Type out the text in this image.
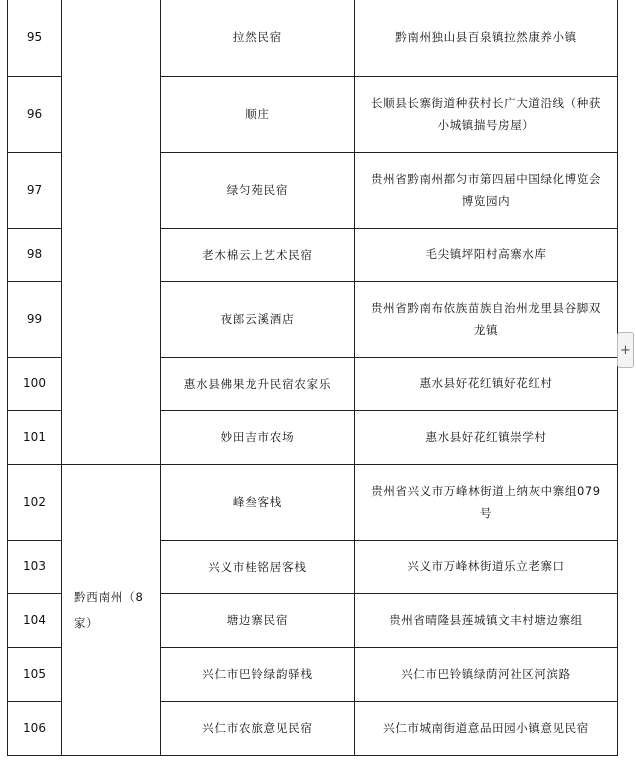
95		拉然民宿	黔南州独山县百泉镇拉然康养小镇
96		顺庄	长顺县长寨街道种获村长广大道沿线（种获小城镇揣号房屋）
97		绿匀苑民宿	贵州省黔南州都匀市第四届中国绿化博览会博览园内
98		老木棉云上艺术民宿	毛尖镇坪阳村高寨水库
99		夜郎云溪酒店	贵州省黔南布依族苗族自治州龙里县谷脚双龙镇
100		惠水县佛果龙升民宿农家乐	惠水县好花红镇好花红村
101		妙田吉市农场	惠水县好花红镇崇学村
102	黔西南州（8家）	峰叁客栈	贵州省兴义市万峰林街道上纳灰中寨组079号
103		兴义市桂铭居客栈	兴义市万峰林街道乐立老寨口
104		塘边寨民宿	贵州省晴隆县莲城镇文丰村塘边寨组
105		兴仁市巴铃绿韵驿栈	兴仁市巴铃镇绿荫河社区河滨路
106		兴仁市农旅意见民宿	兴仁市城南街道意品田园小镇意见民宿
+
